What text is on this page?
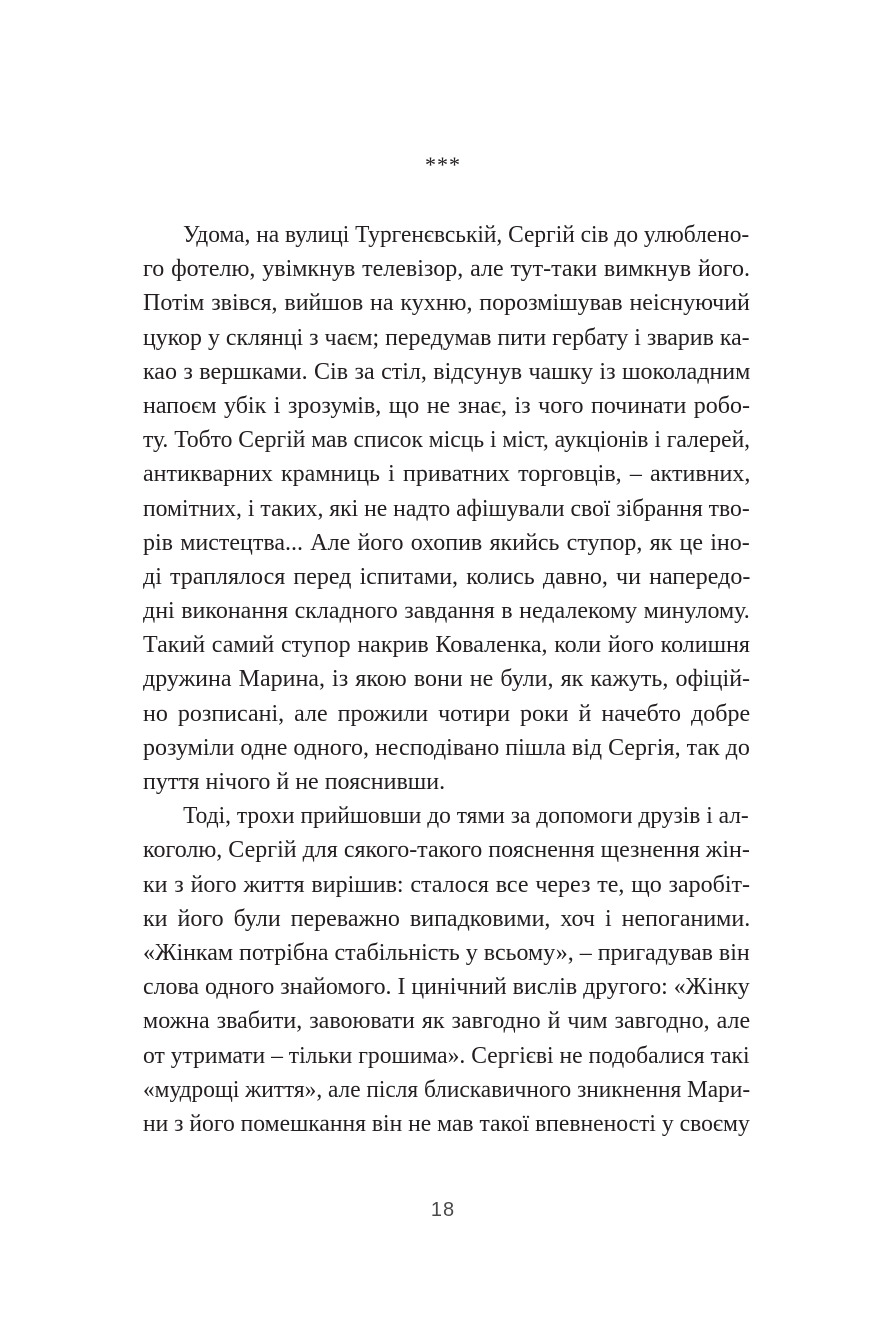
***
Удома, на вулиці Тургенєвській, Сергій сів до улюблено-
го фотелю, увімкнув телевізор, але тут-таки вимкнув його.
Потім звівся, вийшов на кухню, порозмішував неіснуючий
цукор у склянці з чаєм; передумав пити гербату і зварив ка-
као з вершками. Сів за стіл, відсунув чашку із шоколадним
напоєм убік і зрозумів, що не знає, із чого починати робо-
ту. Тобто Сергій мав список місць і міст, аукціонів і галерей,
антикварних крамниць і приватних торговців, – активних,
помітних, і таких, які не надто афішували свої зібрання тво-
рів мистецтва... Але його охопив якийсь ступор, як це іно-
ді траплялося перед іспитами, колись давно, чи напередо-
дні виконання складного завдання в недалекому минулому.
Такий самий ступор накрив Коваленка, коли його колишня
дружина Марина, із якою вони не були, як кажуть, офіцій-
но розписані, але прожили чотири роки й начебто добре
розуміли одне одного, несподівано пішла від Сергія, так до
пуття нічого й не пояснивши.
Тоді, трохи прийшовши до тями за допомоги друзів і ал-
коголю, Сергій для сякого-такого пояснення щезнення жін-
ки з його життя вирішив: сталося все через те, що заробіт-
ки його були переважно випадковими, хоч і непоганими.
«Жінкам потрібна стабільність у всьому», – пригадував він
слова одного знайомого. І цинічний вислів другого: «Жінку
можна звабити, завоювати як завгодно й чим завгодно, але
от утримати – тільки грошима». Сергієві не подобалися такі
«мудрощі життя», але після блискавичного зникнення Мари-
ни з його помешкання він не мав такої впевненості у своєму
18
